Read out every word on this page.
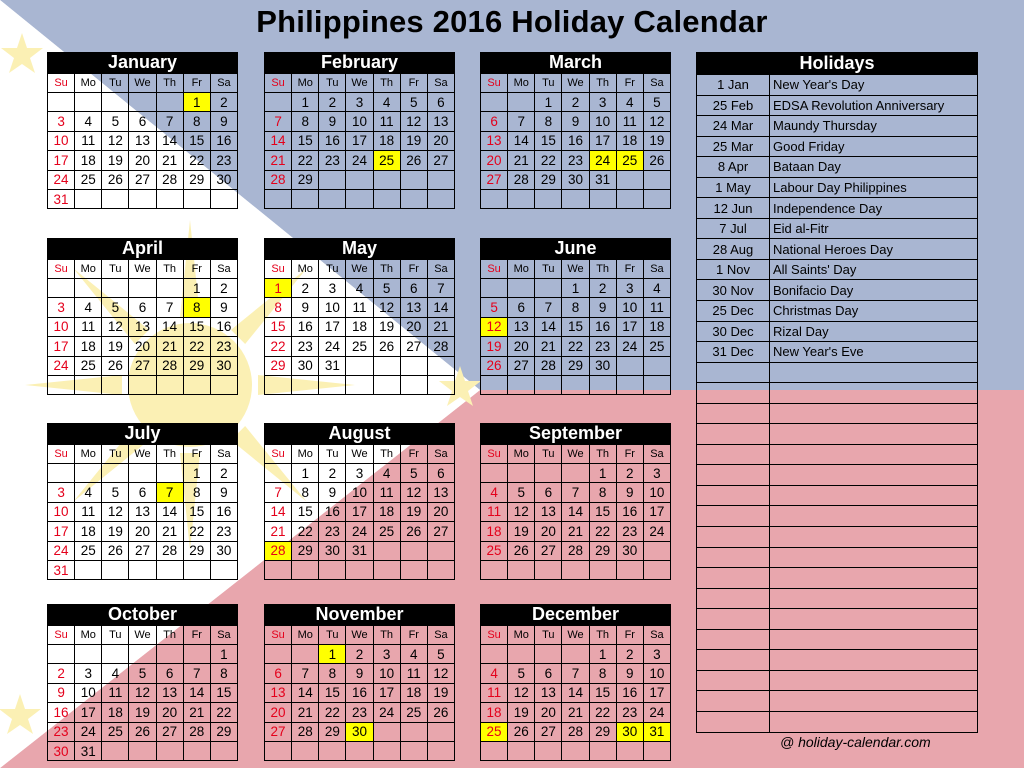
Philippines 2016 Holiday Calendar
January
Su	Mo	Tu	We	Th	Fr	Sa
					1	2
3	4	5	6	7	8	9
10	11	12	13	14	15	16
17	18	19	20	21	22	23
24	25	26	27	28	29	30
31						
February
Su	Mo	Tu	We	Th	Fr	Sa
	1	2	3	4	5	6
7	8	9	10	11	12	13
14	15	16	17	18	19	20
21	22	23	24	25	26	27
28	29					

March
Su	Mo	Tu	We	Th	Fr	Sa
		1	2	3	4	5
6	7	8	9	10	11	12
13	14	15	16	17	18	19
20	21	22	23	24	25	26
27	28	29	30	31		

April
Su	Mo	Tu	We	Th	Fr	Sa
					1	2
3	4	5	6	7	8	9
10	11	12	13	14	15	16
17	18	19	20	21	22	23
24	25	26	27	28	29	30

May
Su	Mo	Tu	We	Th	Fr	Sa
1	2	3	4	5	6	7
8	9	10	11	12	13	14
15	16	17	18	19	20	21
22	23	24	25	26	27	28
29	30	31				

June
Su	Mo	Tu	We	Th	Fr	Sa
			1	2	3	4
5	6	7	8	9	10	11
12	13	14	15	16	17	18
19	20	21	22	23	24	25
26	27	28	29	30		

July
Su	Mo	Tu	We	Th	Fr	Sa
					1	2
3	4	5	6	7	8	9
10	11	12	13	14	15	16
17	18	19	20	21	22	23
24	25	26	27	28	29	30
31						
August
Su	Mo	Tu	We	Th	Fr	Sa
	1	2	3	4	5	6
7	8	9	10	11	12	13
14	15	16	17	18	19	20
21	22	23	24	25	26	27
28	29	30	31			

September
Su	Mo	Tu	We	Th	Fr	Sa
				1	2	3
4	5	6	7	8	9	10
11	12	13	14	15	16	17
18	19	20	21	22	23	24
25	26	27	28	29	30	

October
Su	Mo	Tu	We	Th	Fr	Sa
						1
2	3	4	5	6	7	8
9	10	11	12	13	14	15
16	17	18	19	20	21	22
23	24	25	26	27	28	29
30	31					
November
Su	Mo	Tu	We	Th	Fr	Sa
		1	2	3	4	5
6	7	8	9	10	11	12
13	14	15	16	17	18	19
20	21	22	23	24	25	26
27	28	29	30			

December
Su	Mo	Tu	We	Th	Fr	Sa
				1	2	3
4	5	6	7	8	9	10
11	12	13	14	15	16	17
18	19	20	21	22	23	24
25	26	27	28	29	30	31

Holidays
1 Jan	New Year's Day
25 Feb	EDSA Revolution Anniversary
24 Mar	Maundy Thursday
25 Mar	Good Friday
8 Apr	Bataan Day
1 May	Labour Day Philippines
12 Jun	Independence Day
7 Jul	Eid al-Fitr
28 Aug	National Heroes Day
1 Nov	All Saints' Day
30 Nov	Bonifacio Day
25 Dec	Christmas Day
30 Dec	Rizal Day
31 Dec	New Year's Eve

@ holiday-calendar.com
